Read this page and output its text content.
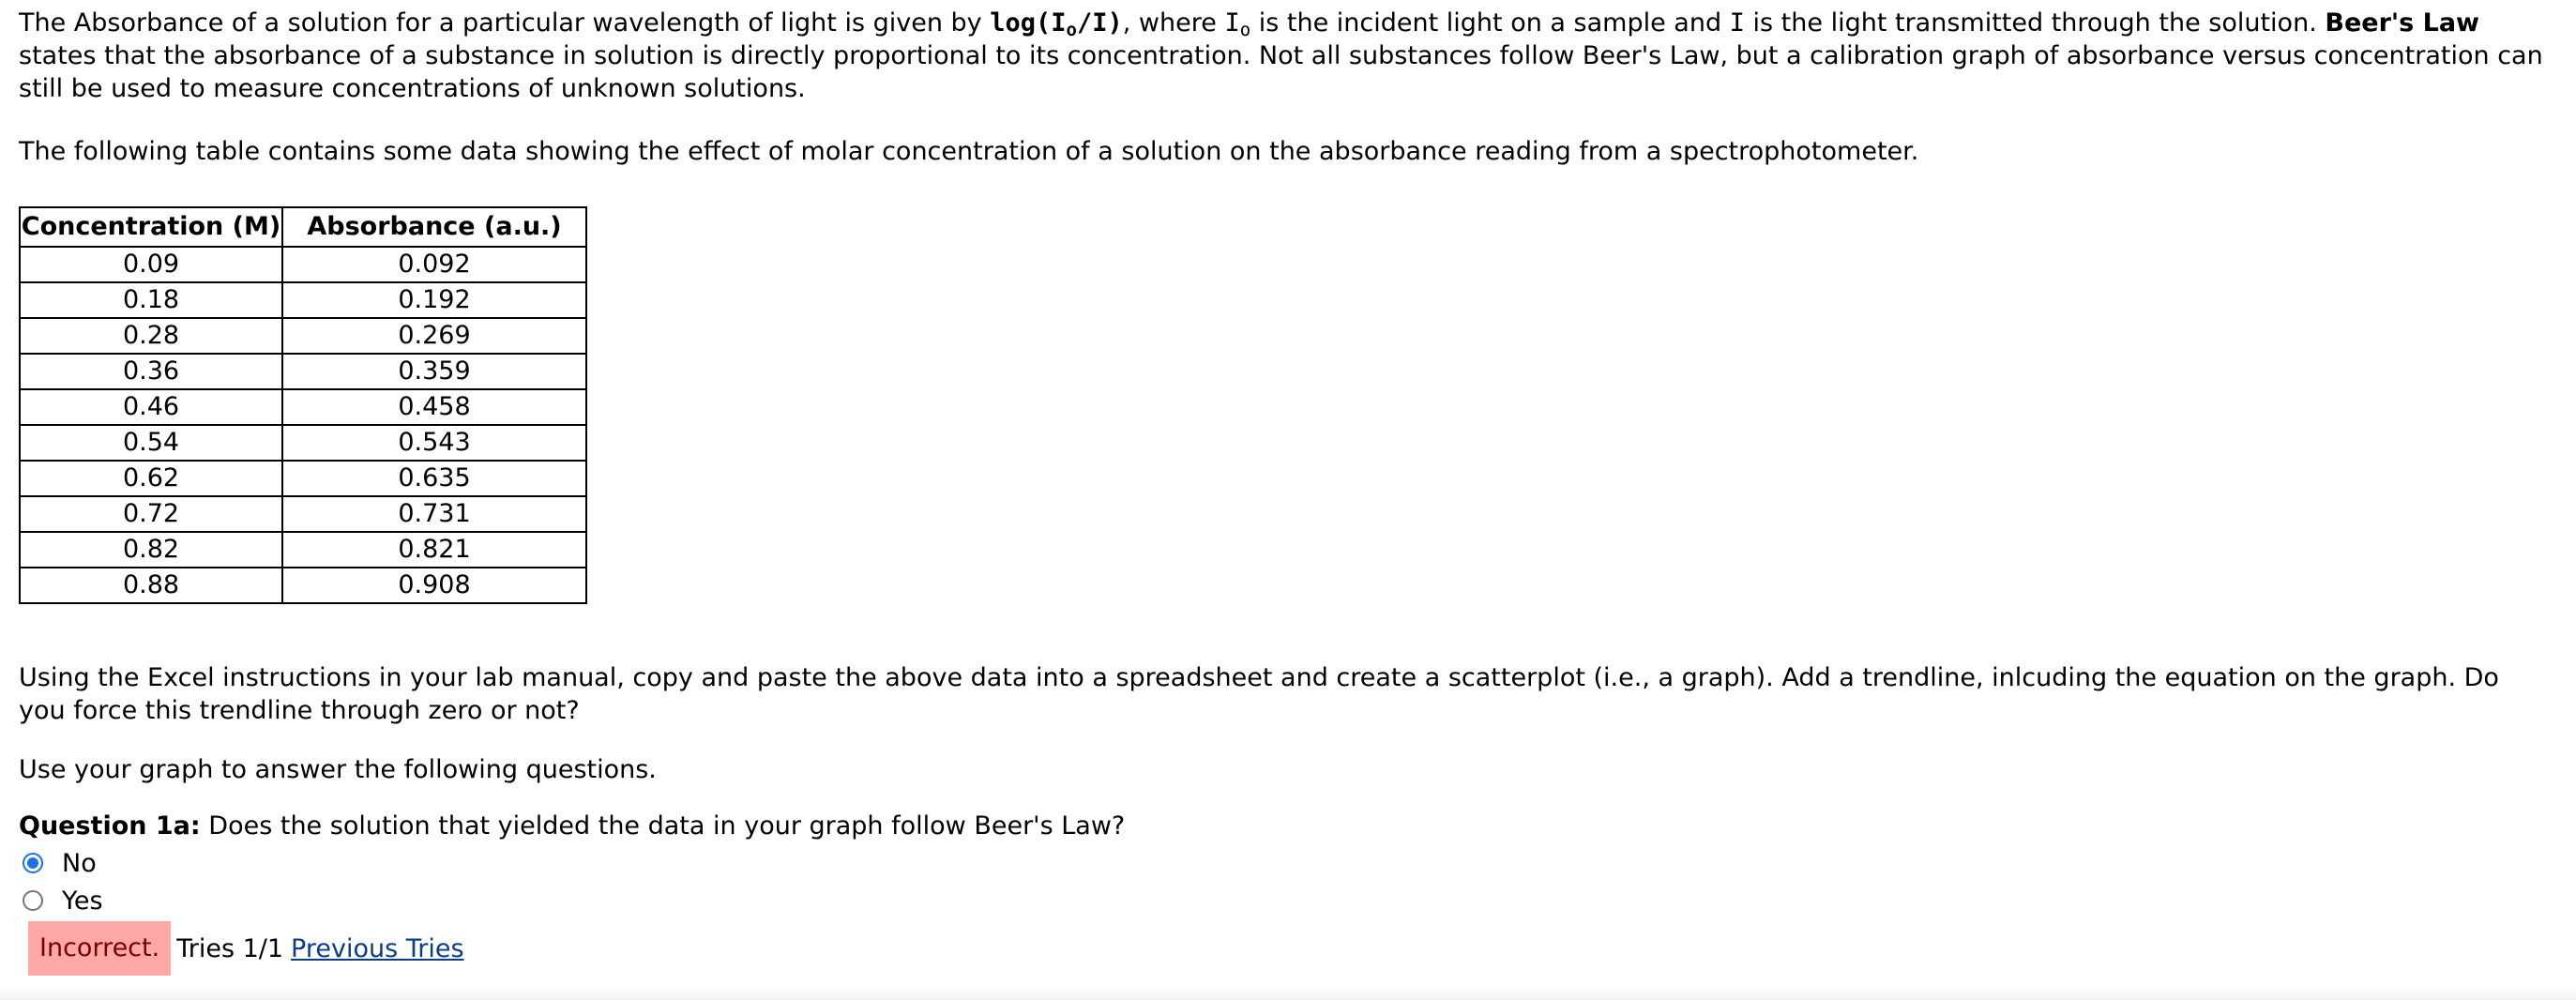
The Absorbance of a solution for a particular wavelength of light is given by $\log(I_o/I)$, where $I_o$ is the incident light on a sample and I is the light transmitted through the solution. Beer's Law states that the absorbance of a substance in solution is directly proportional to its concentration. Not all substances follow Beer's Law, but a calibration graph of absorbance versus concentration can still be used to measure concentrations of unknown solutions.

The following table contains some data showing the effect of molar concentration of a solution on the absorbance reading from a spectrophotometer.

Concentration (M)	Absorbance (a.u.)
0.09	0.092
0.18	0.192
0.28	0.269
0.36	0.359
0.46	0.458
0.54	0.543
0.62	0.635
0.72	0.731
0.82	0.821
0.88	0.908

Using the Excel instructions in your lab manual, copy and paste the above data into a spreadsheet and create a scatterplot (i.e., a graph). Add a trendline, inlcuding the equation on the graph. Do you force this trendline through zero or not?

Use your graph to answer the following questions.

Question 1a: Does the solution that yielded the data in your graph follow Beer's Law?

No
Yes
Incorrect. Tries 1/1 Previous Tries
